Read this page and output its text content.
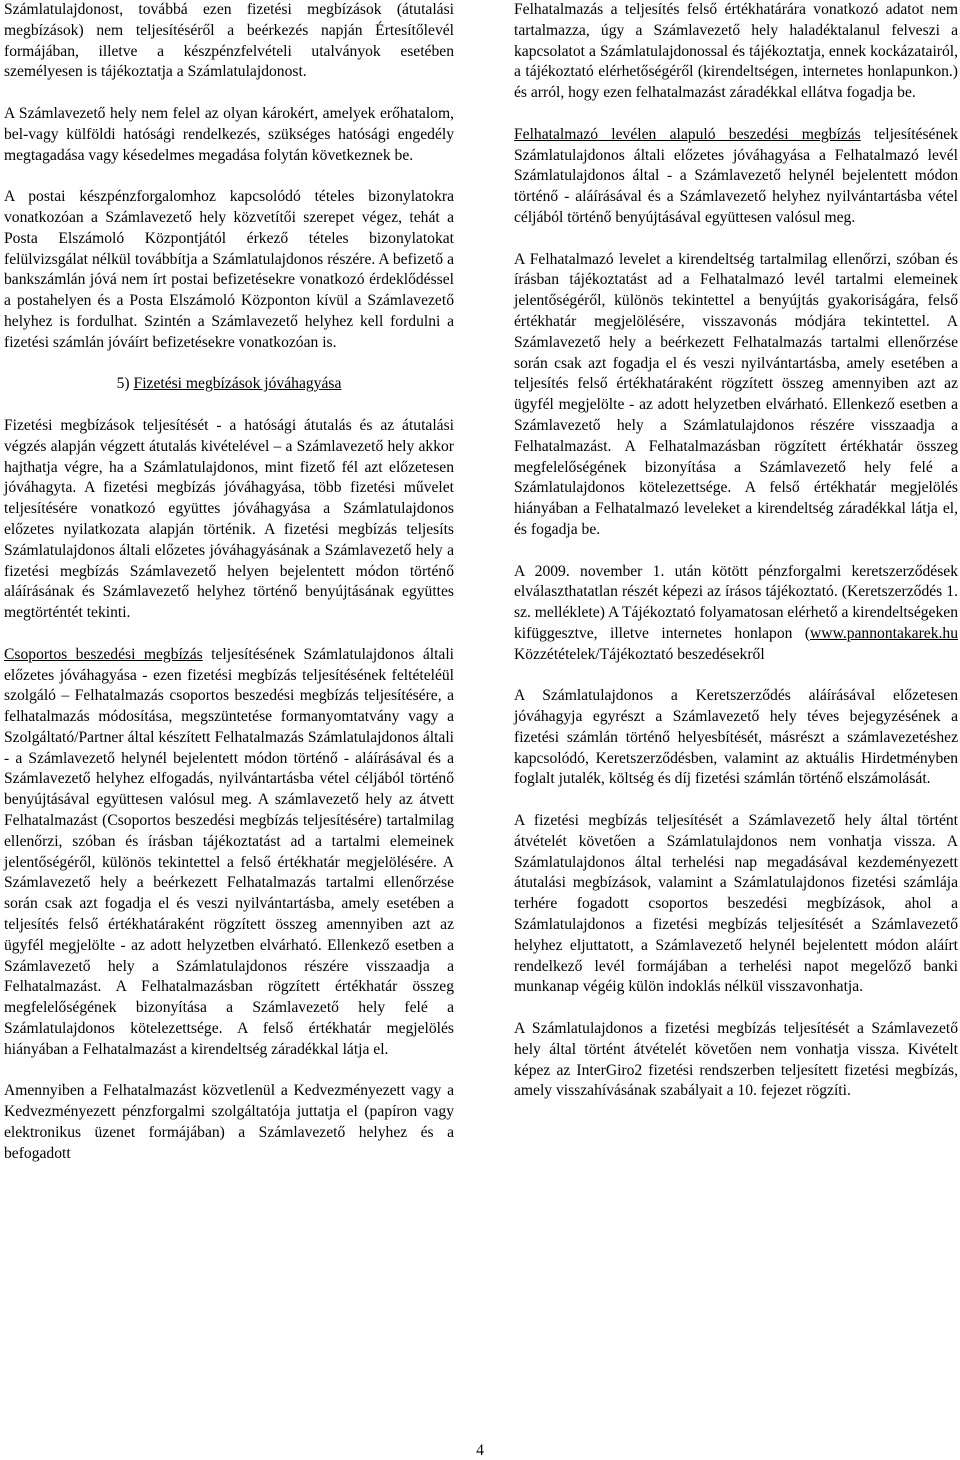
Számlatulajdonost, továbbá ezen fizetési megbízások (átutalási megbízások) nem teljesítéséről a beérkezés napján Értesítőlevél formájában, illetve a készpénzfelvételi utalványok esetében személyesen is tájékoztatja a Számlatulajdonost.

A Számlavezető hely nem felel az olyan károkért, amelyek erőhatalom, bel-vagy külföldi hatósági rendelkezés, szükséges hatósági engedély megtagadása vagy késedelmes megadása folytán következnek be.

A postai készpénzforgalomhoz kapcsolódó tételes bizonylatokra vonatkozóan a Számlavezető hely közvetítői szerepet végez, tehát a Posta Elszámoló Központjától érkező tételes bizonylatokat felülvizsgálat nélkül továbbítja a Számlatulajdonos részére. A befizető a bankszámlán jóvá nem írt postai befizetésekre vonatkozó érdeklődéssel a postahelyen és a Posta Elszámoló Központon kívül a Számlavezető helyhez is fordulhat. Szintén a Számlavezető helyhez kell fordulni a fizetési számlán jóváírt befizetésekre vonatkozóan is.

5) Fizetési megbízások jóváhagyása

Fizetési megbízások teljesítését - a hatósági átutalás és az átutalási végzés alapján végzett átutalás kivételével – a Számlavezető hely akkor hajthatja végre, ha a Számlatulajdonos, mint fizető fél azt előzetesen jóváhagyta. A fizetési megbízás jóváhagyása, több fizetési művelet teljesítésére vonatkozó együttes jóváhagyása a Számlatulajdonos előzetes nyilatkozata alapján történik. A fizetési megbízás teljesíts Számlatulajdonos általi előzetes jóváhagyásának a Számlavezető hely a fizetési megbízás Számlavezető helyen bejelentett módon történő aláírásának és Számlavezető helyhez történő benyújtásának együttes megtörténtét tekinti.

Csoportos beszedési megbízás teljesítésének Számlatulajdonos általi előzetes jóváhagyása - ezen fizetési megbízás teljesítésének feltételéül szolgáló – Felhatalmazás csoportos beszedési megbízás teljesítésére, a felhatalmazás módosítása, megszüntetése formanyomtatvány vagy a Szolgáltató/Partner által készített Felhatalmazás Számlatulajdonos általi - a Számlavezető helynél bejelentett módon történő - aláírásával és a Számlavezető helyhez elfogadás, nyilvántartásba vétel céljából történő benyújtásával együttesen valósul meg. A számlavezető hely az átvett Felhatalmazást (Csoportos beszedési megbízás teljesítésére) tartalmilag ellenőrzi, szóban és írásban tájékoztatást ad a tartalmi elemeinek jelentőségéről, különös tekintettel a felső értékhatár megjelölésére. A Számlavezető hely a beérkezett Felhatalmazás tartalmi ellenőrzése során csak azt fogadja el és veszi nyilvántartásba, amely esetében a teljesítés felső értékhatáraként rögzített összeg amennyiben azt az ügyfél megjelölte - az adott helyzetben elvárható. Ellenkező esetben a Számlavezető hely a Számlatulajdonos részére visszaadja a Felhatalmazást. A Felhatalmazásban rögzített értékhatár összeg megfelelőségének bizonyítása a Számlavezető hely felé a Számlatulajdonos kötelezettsége. A felső értékhatár megjelölés hiányában a Felhatalmazást a kirendeltség záradékkal látja el.

Amennyiben a Felhatalmazást közvetlenül a Kedvezményezett vagy a Kedvezményezett pénzforgalmi szolgáltatója juttatja el (papíron vagy elektronikus üzenet formájában) a Számlavezető helyhez és a befogadott

Felhatalmazás a teljesítés felső értékhatárára vonatkozó adatot nem tartalmazza, úgy a Számlavezető hely haladéktalanul felveszi a kapcsolatot a Számlatulajdonossal és tájékoztatja, ennek kockázatairól, a tájékoztató elérhetőségéről (kirendeltségen, internetes honlapunkon.) és arról, hogy ezen felhatalmazást záradékkal ellátva fogadja be.

Felhatalmazó levélen alapuló beszedési megbízás teljesítésének Számlatulajdonos általi előzetes jóváhagyása a Felhatalmazó levél Számlatulajdonos által - a Számlavezető helynél bejelentett módon történő - aláírásával és a Számlavezető helyhez nyilvántartásba vétel céljából történő benyújtásával együttesen valósul meg.

A Felhatalmazó levelet a kirendeltség tartalmilag ellenőrzi, szóban és írásban tájékoztatást ad a Felhatalmazó levél tartalmi elemeinek jelentőségéről, különös tekintettel a benyújtás gyakoriságára, felső értékhatár megjelölésére, visszavonás módjára tekintettel. A Számlavezető hely a beérkezett Felhatalmazás tartalmi ellenőrzése során csak azt fogadja el és veszi nyilvántartásba, amely esetében a teljesítés felső értékhatáraként rögzített összeg amennyiben azt az ügyfél megjelölte - az adott helyzetben elvárható. Ellenkező esetben a Számlavezető hely a Számlatulajdonos részére visszaadja a Felhatalmazást. A Felhatalmazásban rögzített értékhatár összeg megfelelőségének bizonyítása a Számlavezető hely felé a Számlatulajdonos kötelezettsége. A felső értékhatár megjelölés hiányában a Felhatalmazó leveleket a kirendeltség záradékkal látja el, és fogadja be.

A 2009. november 1. után kötött pénzforgalmi keretszerződések elválaszthatatlan részét képezi az írásos tájékoztató. (Keretszerződés 1. sz. melléklete) A Tájékoztató folyamatosan elérhető a kirendeltségeken kifüggesztve, illetve internetes honlapon (www.pannontakarek.hu Közzétételek/Tájékoztató beszedésekről

A Számlatulajdonos a Keretszerződés aláírásával előzetesen jóváhagyja egyrészt a Számlavezető hely téves bejegyzésének a fizetési számlán történő helyesbítését, másrészt a számlavezetéshez kapcsolódó, Keretszerződésben, valamint az aktuális Hirdetményben foglalt jutalék, költség és díj fizetési számlán történő elszámolását.

A fizetési megbízás teljesítését a Számlavezető hely által történt átvételét követően a Számlatulajdonos nem vonhatja vissza. A Számlatulajdonos által terhelési nap megadásával kezdeményezett átutalási megbízások, valamint a Számlatulajdonos fizetési számlája terhére fogadott csoportos beszedési megbízások, ahol a Számlatulajdonos a fizetési megbízás teljesítését a Számlavezető helyhez eljuttatott, a Számlavezető helynél bejelentett módon aláírt rendelkező levél formájában a terhelési napot megelőző banki munkanap végéig külön indoklás nélkül visszavonhatja.

A Számlatulajdonos a fizetési megbízás teljesítését a Számlavezető hely által történt átvételét követően nem vonhatja vissza. Kivételt képez az InterGiro2 fizetési rendszerben teljesített fizetési megbízás, amely visszahívásának szabályait a 10. fejezet rögzíti.

4
